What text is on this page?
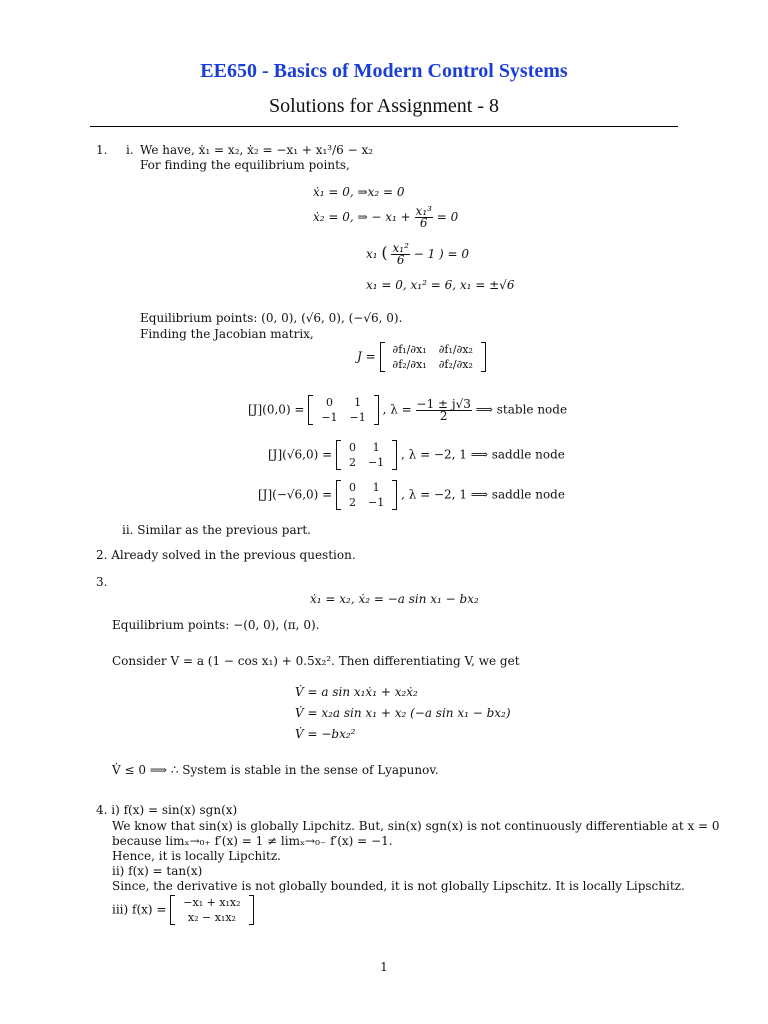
EE650 - Basics of Modern Control Systems
Solutions for Assignment - 8
1. i. We have, ẋ₁ = x₂, ẋ₂ = −x₁ + x₁³/6 − x₂
For finding the equilibrium points,
ẋ₁ = 0, ⇒x₂ = 0
ẋ₂ = 0, ⇒ − $x_1 + \frac{\text{x₁³}}{6} = 0$
x₁ ( $\frac{\text{x₁²}}{6} - 1$ ) = 0
x₁ = 0, x₁² = 6, x₁ = ±√6
Equilibrium points: (0, 0), (√6, 0), (−√6, 0).
Finding the Jacobian matrix,
J = ∂f₁/∂x₁	∂f₁/∂x₂
∂f₂/∂x₁	∂f₂/∂x₂
[J](0,0) = 0	1
−1	−1
, $\lambda = \frac{-1 \pm j√3}{2}$ ⟹ stable node
[J](√6,0) = 0	1
2	−1
, λ = −2, 1 ⟹ saddle node
[J](−√6,0) = 0	1
2	−1
, λ = −2, 1 ⟹ saddle node
ii. Similar as the previous part.
2. Already solved in the previous question.
3.
ẋ₁ = x₂, ẋ₂ = −a sin x₁ − bx₂
Equilibrium points: −(0, 0), (π, 0).
Consider V = a (1 − cos x₁) + 0.5x₂². Then differentiating V, we get
V̇ = a sin x₁ẋ₁ + x₂ẋ₂
V̇ = x₂a sin x₁ + x₂ (−a sin x₁ − bx₂)
V̇ = −bx₂²
V̇ ≤ 0 ⟹ ∴ System is stable in the sense of Lyapunov.
4. i) f(x) = sin(x) sgn(x)
We know that sin(x) is globally Lipchitz. But, sin(x) sgn(x) is not continuously differentiable at x = 0
because limₓ→₀₊ f′(x) = 1 ≠ limₓ→₀₋ f′(x) = −1.
Hence, it is locally Lipchitz.
ii) f(x) = tan(x)
Since, the derivative is not globally bounded, it is not globally Lipschitz. It is locally Lipschitz.
iii) f(x) = −x₁ + x₁x₂
x₂ − x₁x₂
1
